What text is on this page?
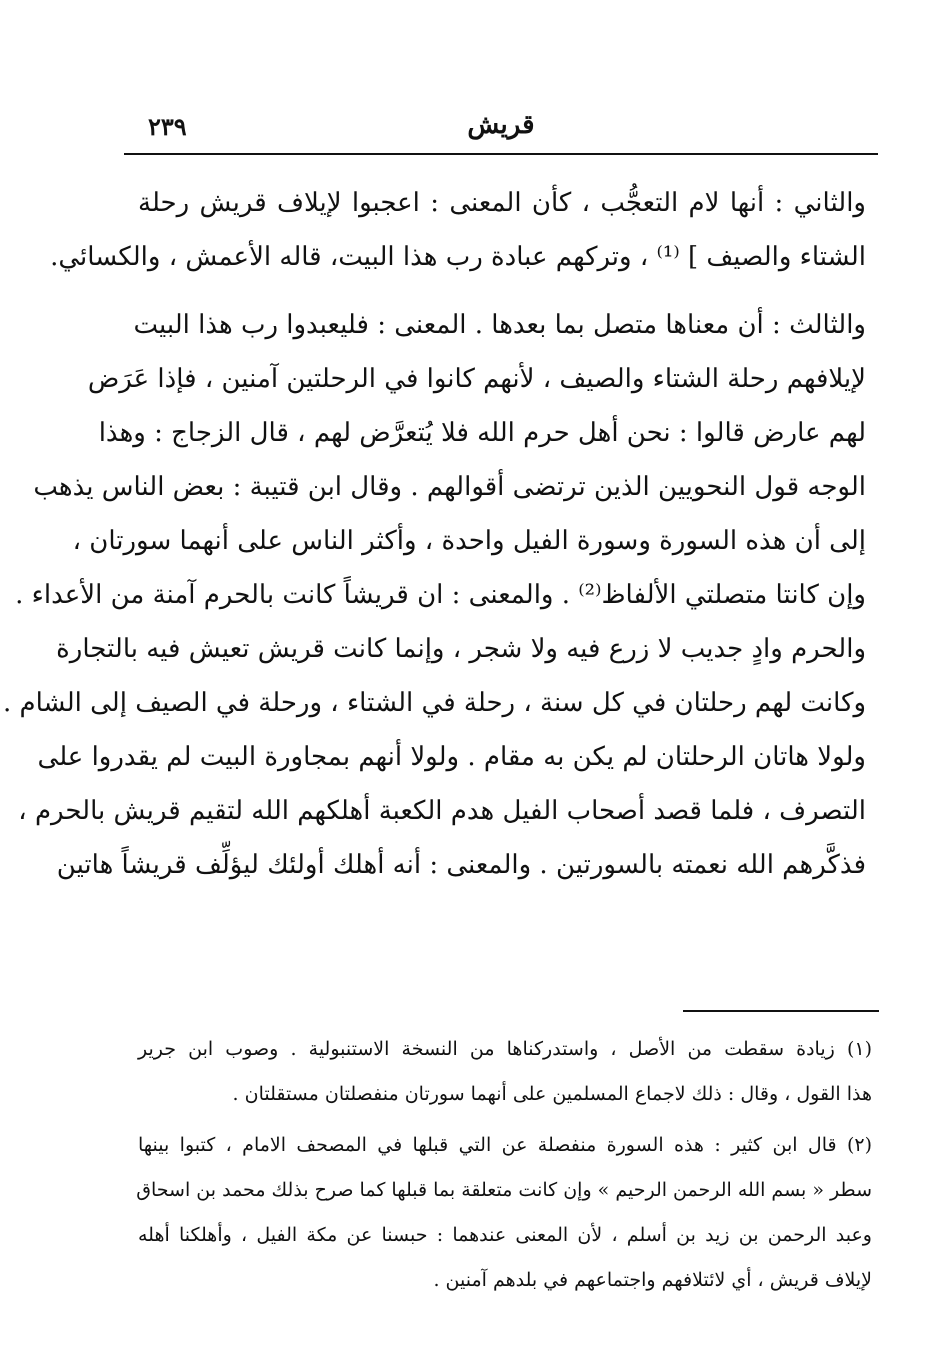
قريش
٢٣٩
والثاني : أنها لام التعجُّب ، كأن المعنى : اعجبوا لإيلاف قريش رحلة
الشتاء والصيف ] ⁽¹⁾ ، وتركهم عبادة رب هذا البيت، قاله الأعمش ، والكسائي.
والثالث : أن معناها متصل بما بعدها . المعنى : فليعبدوا رب هذا البيت
لإيلافهم رحلة الشتاء والصيف ، لأنهم كانوا في الرحلتين آمنين ، فإذا عَرَض
لهم عارض قالوا : نحن أهل حرم الله فلا يُتعرَّض لهم ، قال الزجاج : وهذا
الوجه قول النحويين الذين ترتضى أقوالهم . وقال ابن قتيبة : بعض الناس يذهب
إلى أن هذه السورة وسورة الفيل واحدة ، وأكثر الناس على أنهما سورتان ،
وإن كانتا متصلتي الألفاظ⁽²⁾ . والمعنى : ان قريشاً كانت بالحرم آمنة من الأعداء .
والحرم وادٍ جديب لا زرع فيه ولا شجر ، وإنما كانت قريش تعيش فيه بالتجارة
وكانت لهم رحلتان في كل سنة ، رحلة في الشتاء ، ورحلة في الصيف إلى الشام .
ولولا هاتان الرحلتان لم يكن به مقام . ولولا أنهم بمجاورة البيت لم يقدروا على
التصرف ، فلما قصد أصحاب الفيل هدم الكعبة أهلكهم الله لتقيم قريش بالحرم ،
فذكَّرهم الله نعمته بالسورتين . والمعنى : أنه أهلك أولئك ليؤلِّف قريشاً هاتين
(١) زيادة سقطت من الأصل ، واستدركناها من النسخة الاستنبولية . وصوب ابن جرير
هذا القول ، وقال : ذلك لاجماع المسلمين على أنهما سورتان منفصلتان مستقلتان .
(٢) قال ابن كثير : هذه السورة منفصلة عن التي قبلها في المصحف الامام ، كتبوا بينها
سطر « بسم الله الرحمن الرحيم » وإن كانت متعلقة بما قبلها كما صرح بذلك محمد بن اسحاق
وعبد الرحمن بن زيد بن أسلم ، لأن المعنى عندهما : حبسنا عن مكة الفيل ، وأهلكنا أهله
لإيلاف قريش ، أي لائتلافهم واجتماعهم في بلدهم آمنين .
